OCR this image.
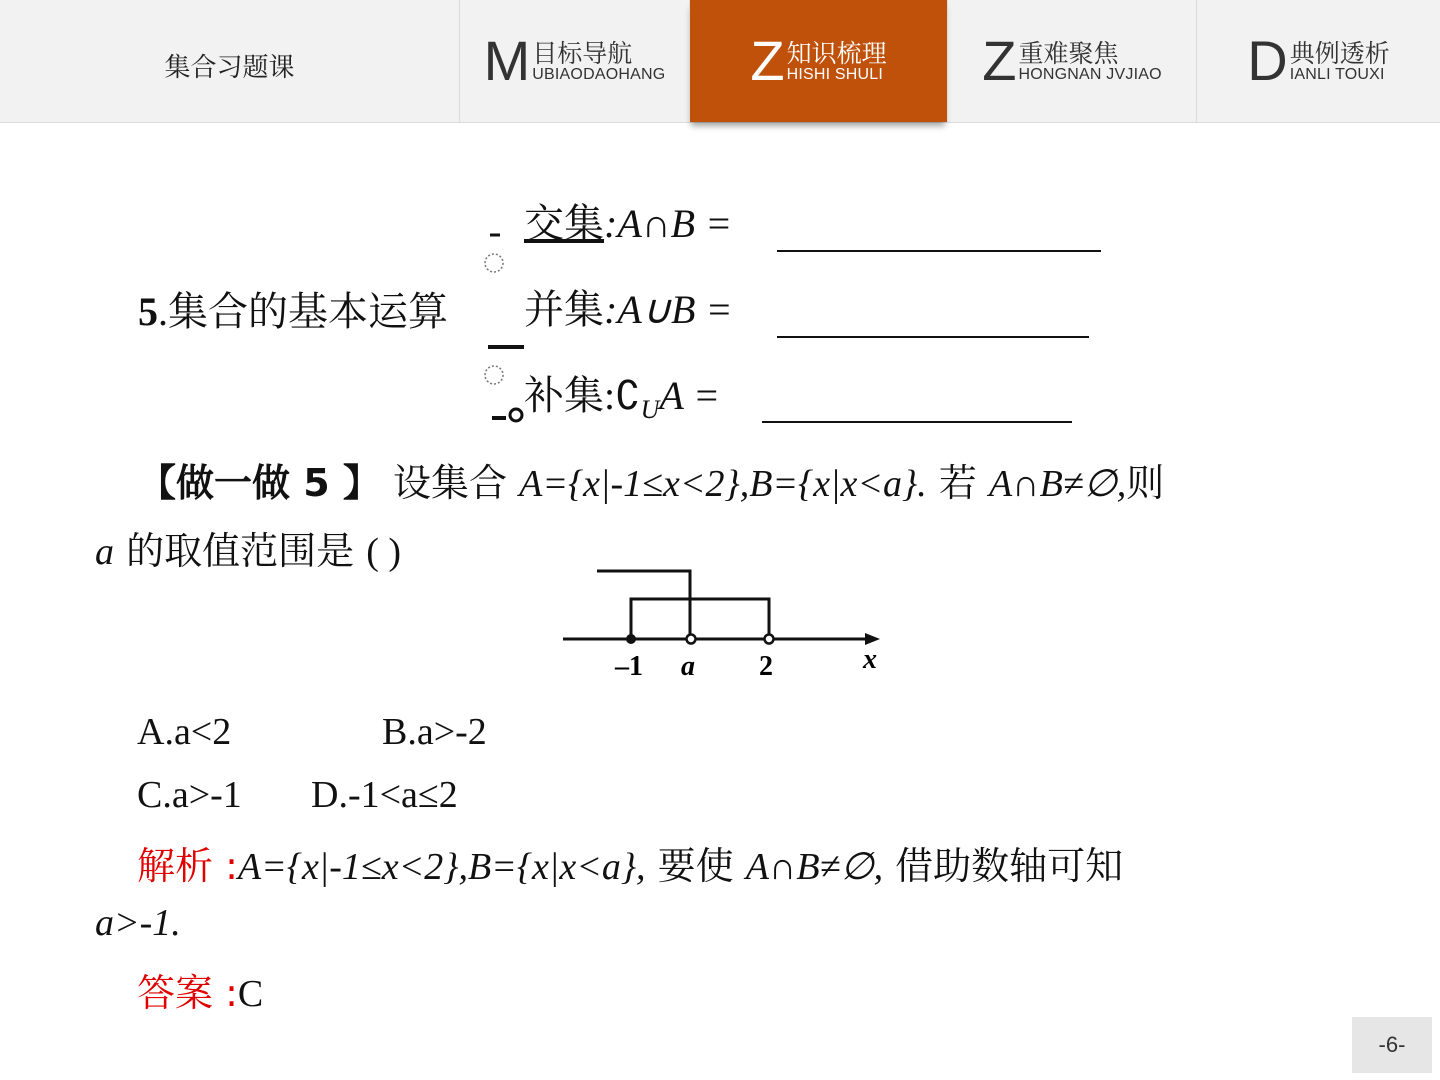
集合习题课	M 目标导航
UBIAODAOHANG Z 知识梳理
HISHI SHULI Z 重难聚焦
HONGNAN JVJIAO D 典例透析
IANLI TOUXI
5.集合的基本运算
交集:A∩B =
并集:A∪B =
补集$:∁_UA$ =
【做一做 5 】 设集合 A={x|-1≤x<2},B={x|x<a}. 若 A∩B≠∅,则
a 的取值范围是 ( )
–1 a 2	x
A.a<2	B.a>-2
C.a>-1 D.-1<a≤2
解析 :A={x|-1≤x<2},B={x|x<a}, 要使 A∩B≠∅, 借助数轴可知
a>-1.
答案 :C
-6-
